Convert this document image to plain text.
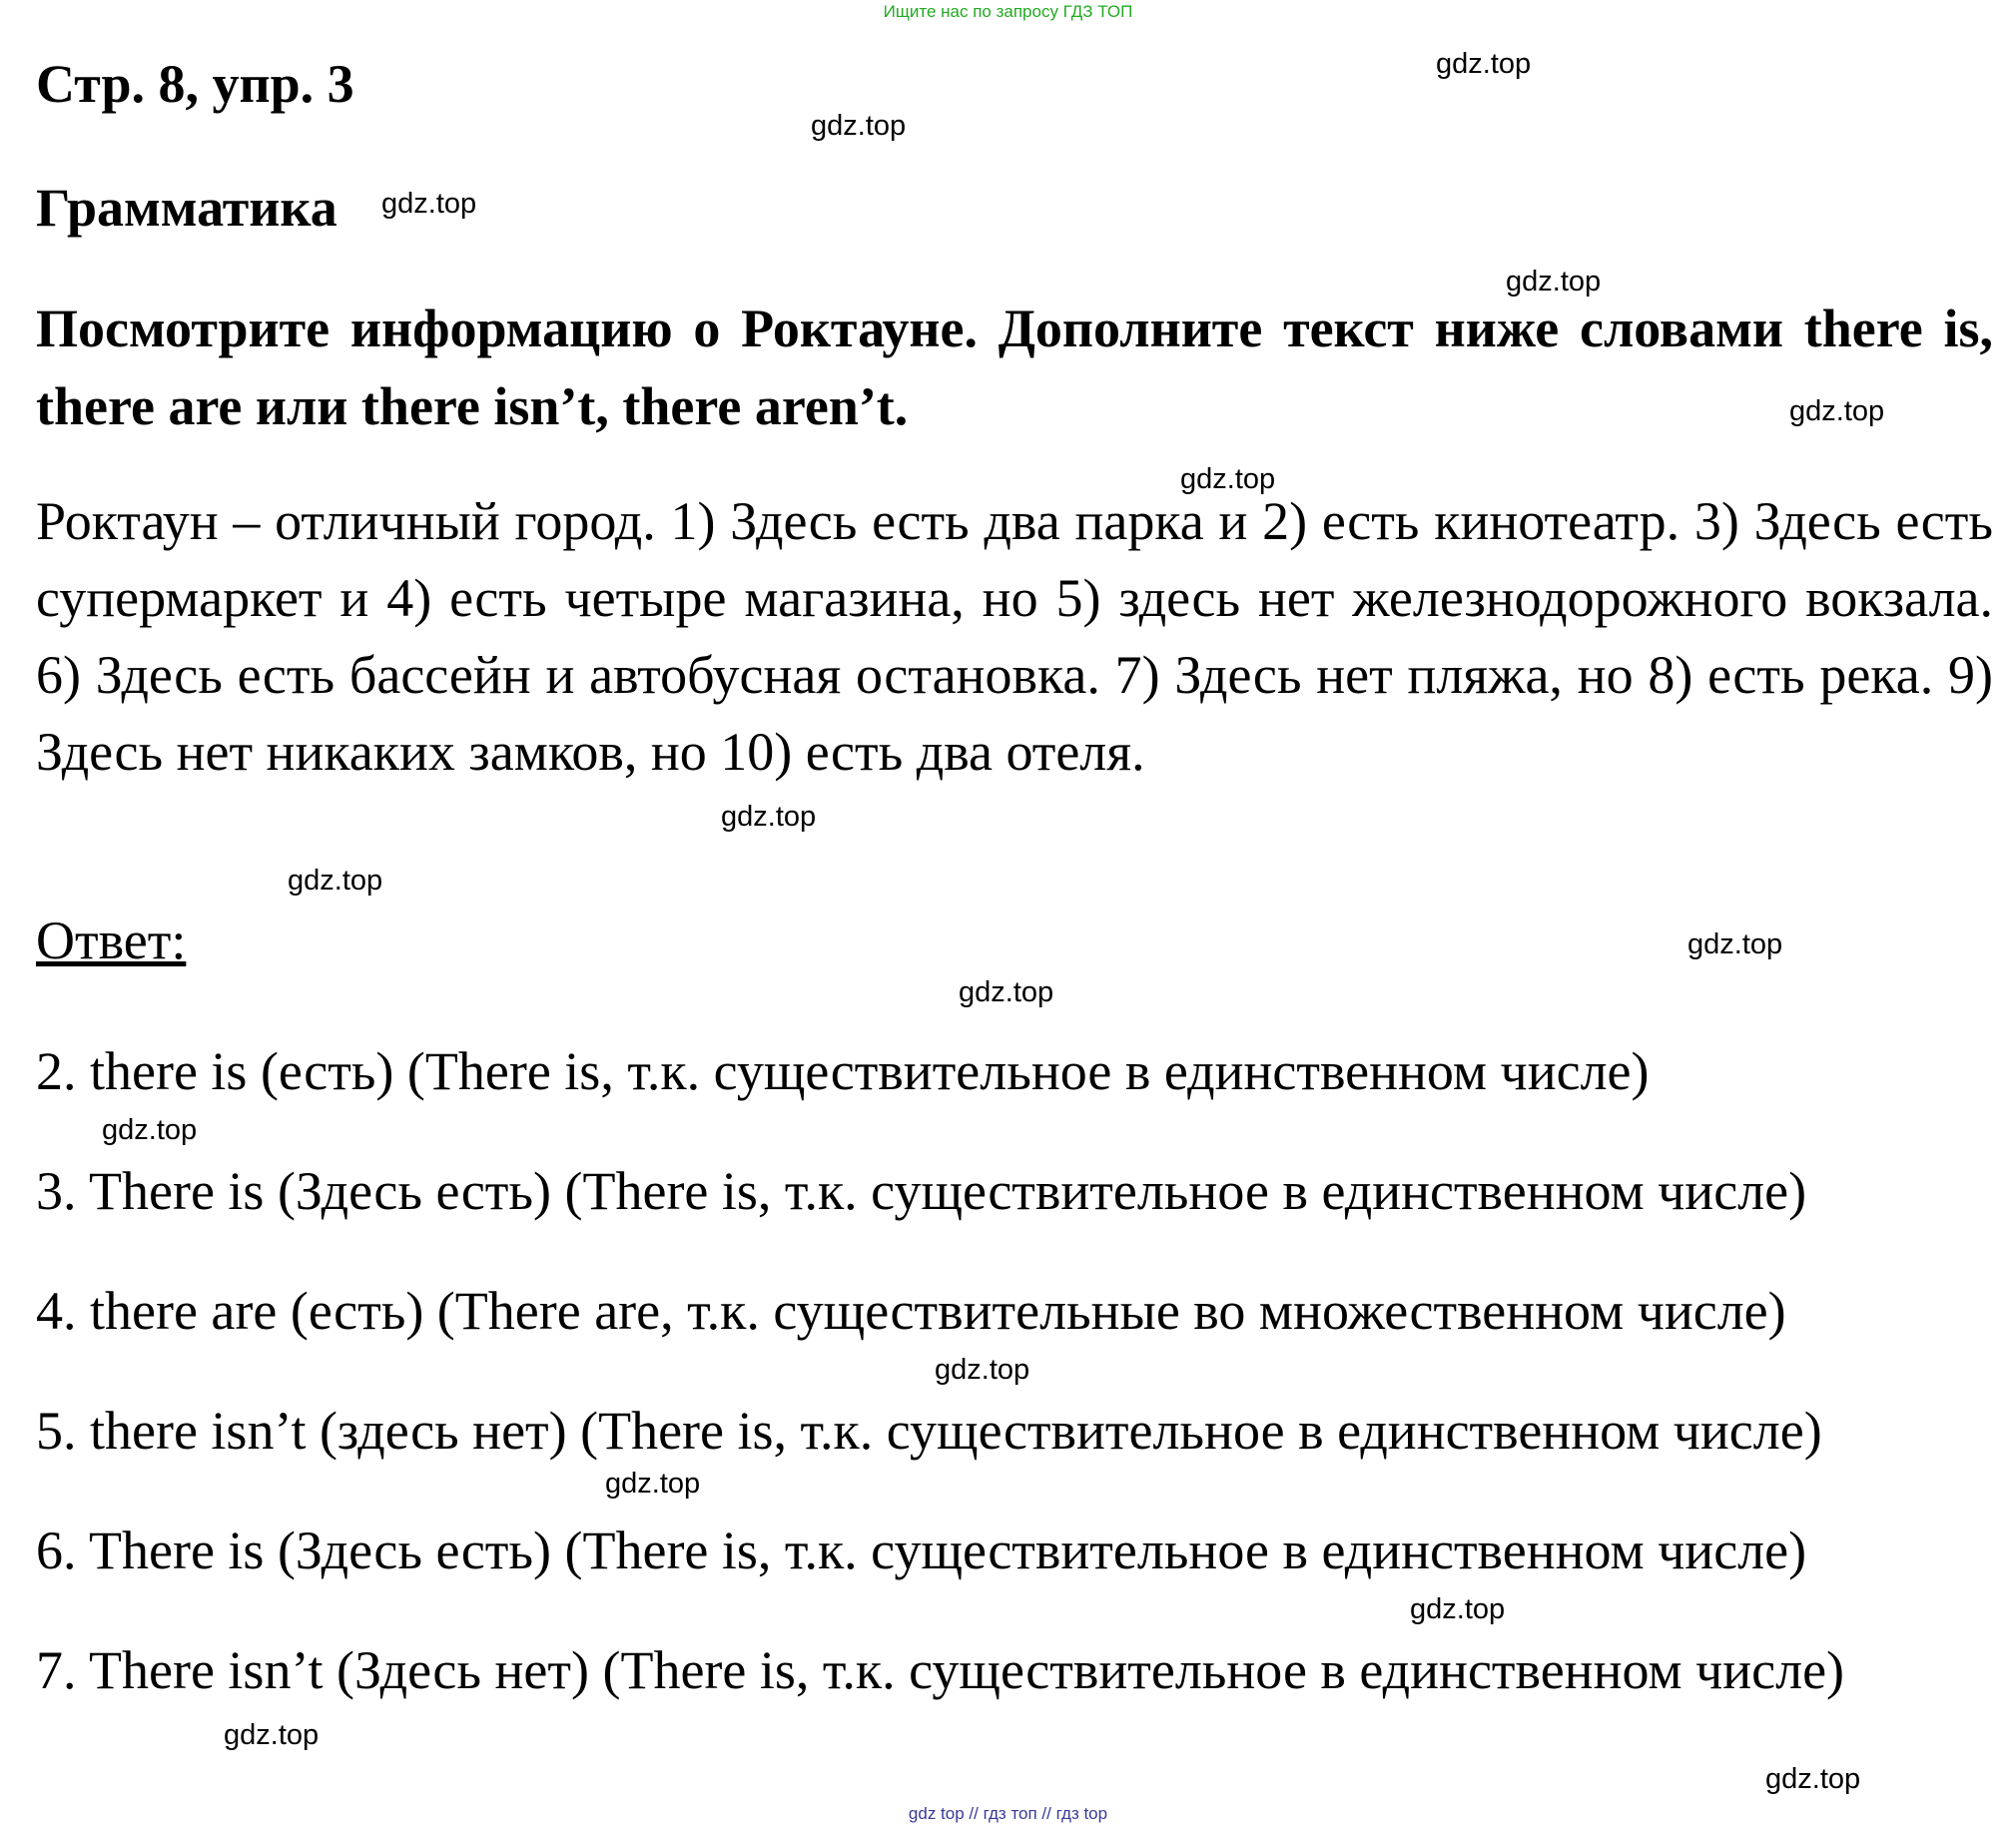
Ищите нас по запросу ГДЗ ТОП
Стр. 8, упр. 3
Грамматика
Посмотрите информацию о Роктауне. Дополните текст ниже словами there is, there are или there isn’t, there aren’t.
Роктаун – отличный город. 1) Здесь есть два парка и 2) есть кинотеатр. 3) Здесь есть супермаркет и 4) есть четыре магазина, но 5) здесь нет железнодорожного вокзала. 6) Здесь есть бассейн и автобусная остановка. 7) Здесь нет пляжа, но 8) есть река. 9) Здесь нет никаких замков, но 10) есть два отеля.
Ответ:
2. there is (есть) (There is, т.к. существительное в единственном числе)
3. There is (Здесь есть) (There is, т.к. существительное в единственном числе)
4. there are (есть) (There are, т.к. существительные во множественном числе)
5. there isn’t (здесь нет) (There is, т.к. существительное в единственном числе)
6. There is (Здесь есть) (There is, т.к. существительное в единственном числе)
7. There isn’t (Здесь нет) (There is, т.к. существительное в единственном числе)
gdz.top
gdz.top
gdz.top
gdz.top
gdz.top
gdz.top
gdz.top
gdz.top
gdz.top
gdz.top
gdz.top
gdz.top
gdz.top
gdz.top
gdz.top
gdz.top
gdz top // гдз топ // гдз top
